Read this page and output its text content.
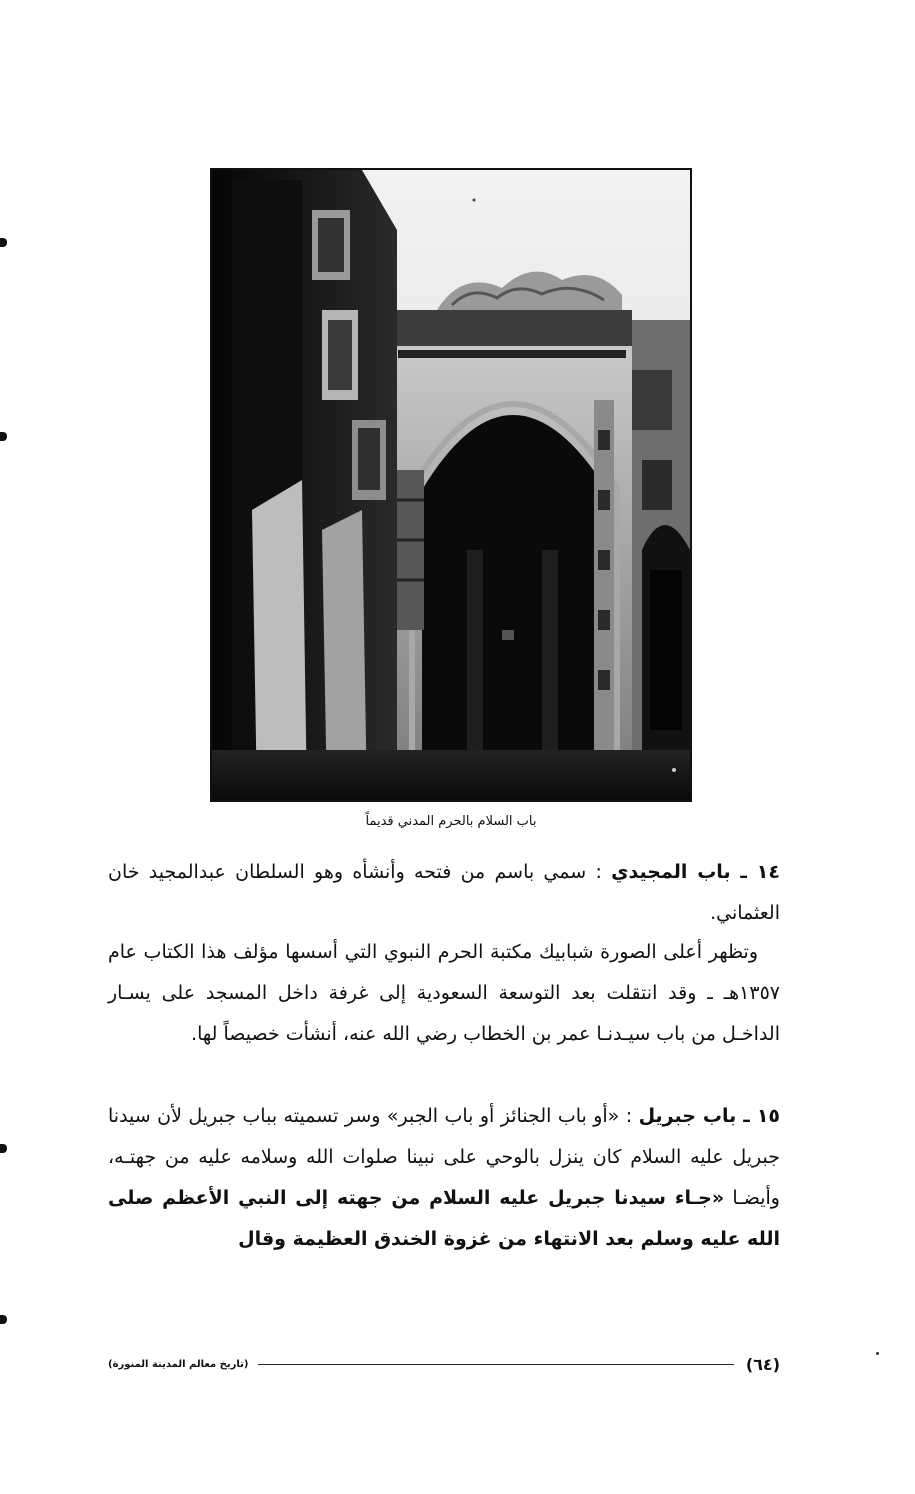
باب السلام بالحرم المدني قديماً
١٤ ـ باب المجيدي : سمي باسم من فتحه وأنشأه وهو السلطان عبدالمجيد خان العثماني.
وتظهر أعلى الصورة شبابيك مكتبة الحرم النبوي التي أسسها مؤلف هذا الكتاب عام ١٣٥٧هـ ـ وقد انتقلت بعد التوسعة السعودية إلى غرفة داخل المسجد على يسـار الداخـل من باب سيـدنـا عمر بن الخطاب رضي الله عنه، أنشأت خصيصاً لها.
١٥ ـ باب جبريل : «أو باب الجنائز أو باب الجبر» وسر تسميته بباب جبريل لأن سيدنا جبريل عليه السلام كان ينزل بالوحي على نبينا صلوات الله وسلامه عليه من جهتـه، وأيضـا «جـاء سيدنا جبريل عليه السلام من جهته إلى النبي الأعظم صلى الله عليه وسلم بعد الانتهاء من غزوة الخندق العظيمة وقال
(٦٤)
(تاريخ معالم المدينة المنورة)
